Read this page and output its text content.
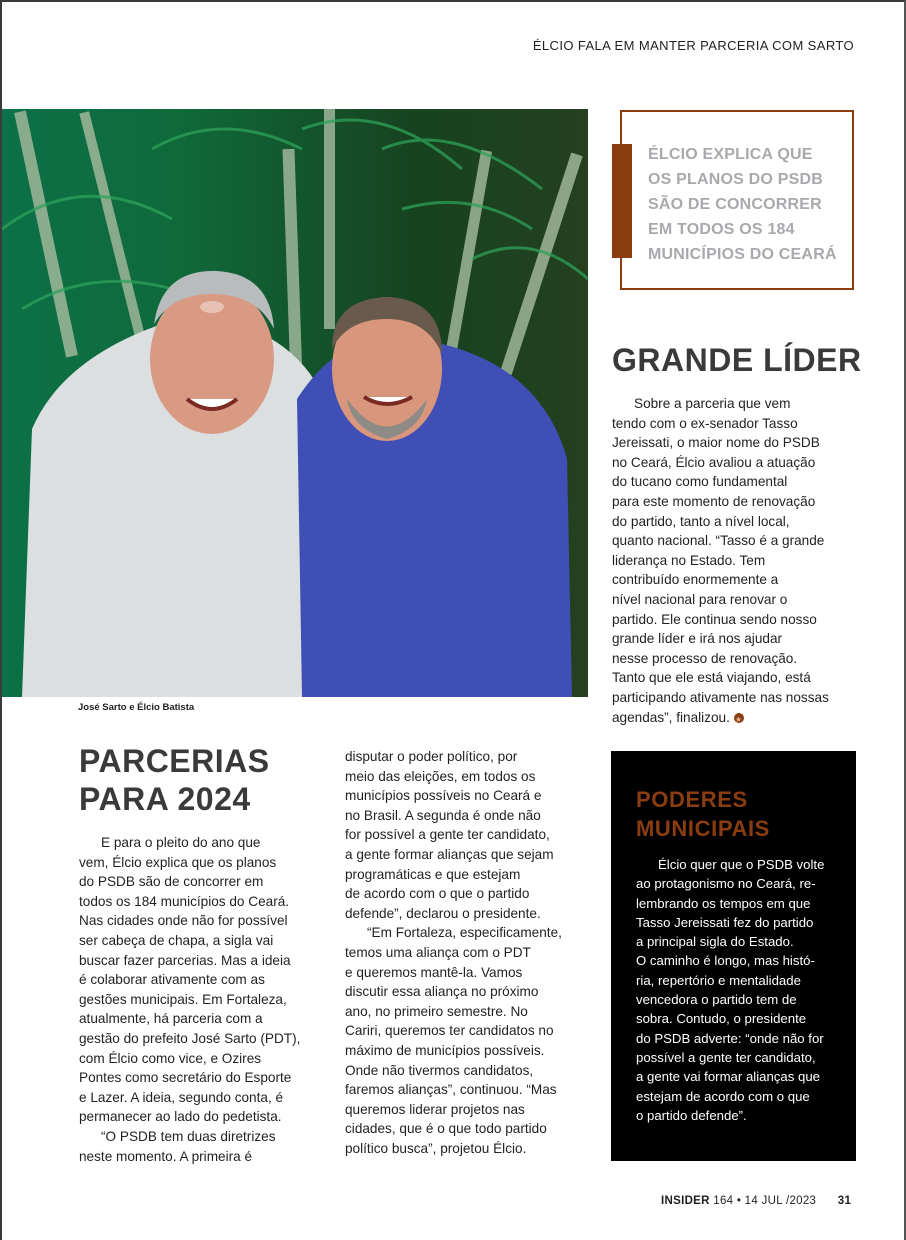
ÉLCIO FALA EM MANTER PARCERIA COM SARTO
José Sarto e Élcio Batista
ÉLCIO EXPLICA QUE
OS PLANOS DO PSDB
SÃO DE CONCORRER
EM TODOS OS 184
MUNICÍPIOS DO CEARÁ
GRANDE LÍDER
Sobre a parceria que vem
tendo com o ex-senador Tasso
Jereissati, o maior nome do PSDB
no Ceará, Élcio avaliou a atuação
do tucano como fundamental
para este momento de renovação
do partido, tanto a nível local,
quanto nacional. “Tasso é a grande
liderança no Estado. Tem
contribuído enormemente a
nível nacional para renovar o
partido. Ele continua sendo nosso
grande líder e irá nos ajudar
nesse processo de renovação.
Tanto que ele está viajando, está
participando ativamente nas nossas
agendas”, finalizou.★
PARCERIAS
PARA 2024
E para o pleito do ano que
vem, Élcio explica que os planos
do PSDB são de concorrer em
todos os 184 municípios do Ceará.
Nas cidades onde não for possível
ser cabeça de chapa, a sigla vai
buscar fazer parcerias. Mas a ideia
é colaborar ativamente com as
gestões municipais. Em Fortaleza,
atualmente, há parceria com a
gestão do prefeito José Sarto (PDT),
com Élcio como vice, e Ozires
Pontes como secretário do Esporte
e Lazer. A ideia, segundo conta, é
permanecer ao lado do pedetista.
“O PSDB tem duas diretrizes
neste momento. A primeira é
disputar o poder político, por
meio das eleições, em todos os
municípios possíveis no Ceará e
no Brasil. A segunda é onde não
for possível a gente ter candidato,
a gente formar alianças que sejam
programáticas e que estejam
de acordo com o que o partido
defende”, declarou o presidente.
“Em Fortaleza, especificamente,
temos uma aliança com o PDT
e queremos mantê-la. Vamos
discutir essa aliança no próximo
ano, no primeiro semestre. No
Cariri, queremos ter candidatos no
máximo de municípios possíveis.
Onde não tivermos candidatos,
faremos alianças”, continuou. “Mas
queremos liderar projetos nas
cidades, que é o que todo partido
político busca”, projetou Élcio.
PODERES
MUNICIPAIS
Élcio quer que o PSDB volte
ao protagonismo no Ceará, re-
lembrando os tempos em que
Tasso Jereissati fez do partido
a principal sigla do Estado.
O caminho é longo, mas histó-
ria, repertório e mentalidade
vencedora o partido tem de
sobra. Contudo, o presidente
do PSDB adverte: “onde não for
possível a gente ter candidato,
a gente vai formar alianças que
estejam de acordo com o que
o partido defende”.
INSIDER 164 • 14 JUL /2023 31
